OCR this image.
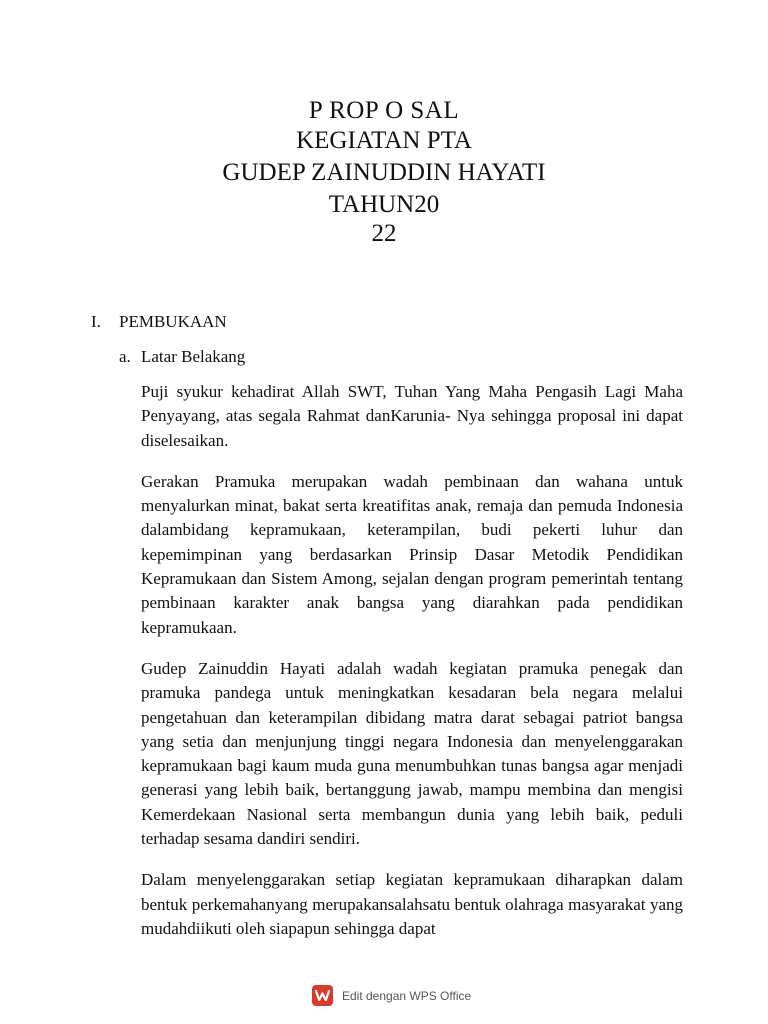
P ROP O SAL
KEGIATAN PTA
GUDEP ZAINUDDIN HAYATI
TAHUN20
22
I. PEMBUKAAN
a. Latar Belakang

Puji syukur kehadirat Allah SWT, Tuhan Yang Maha Pengasih Lagi Maha Penyayang, atas segala Rahmat danKarunia- Nya sehingga proposal ini dapat diselesaikan.

Gerakan Pramuka merupakan wadah pembinaan dan wahana untuk menyalurkan minat, bakat serta kreatifitas anak, remaja dan pemuda Indonesia dalambidang kepramukaan, keterampilan, budi pekerti luhur dan kepemimpinan yang berdasarkan Prinsip Dasar Metodik Pendidikan Kepramukaan dan Sistem Among, sejalan dengan program pemerintah tentang pembinaan karakter anak bangsa yang diarahkan pada pendidikan kepramukaan.

Gudep Zainuddin Hayati adalah wadah kegiatan pramuka penegak dan pramuka pandega untuk meningkatkan kesadaran bela negara melalui pengetahuan dan keterampilan dibidang matra darat sebagai patriot bangsa yang setia dan menjunjung tinggi negara Indonesia dan menyelenggarakan kepramukaan bagi kaum muda guna menumbuhkan tunas bangsa agar menjadi generasi yang lebih baik, bertanggung jawab, mampu membina dan mengisi Kemerdekaan Nasional serta membangun dunia yang lebih baik, peduli terhadap sesama dandiri sendiri.

Dalam menyelenggarakan setiap kegiatan kepramukaan diharapkan dalam bentuk perkemahanyang merupakansalahsatu bentuk olahraga masyarakat yang mudahdiikuti oleh siapapun sehingga dapat

Edit dengan WPS Office
